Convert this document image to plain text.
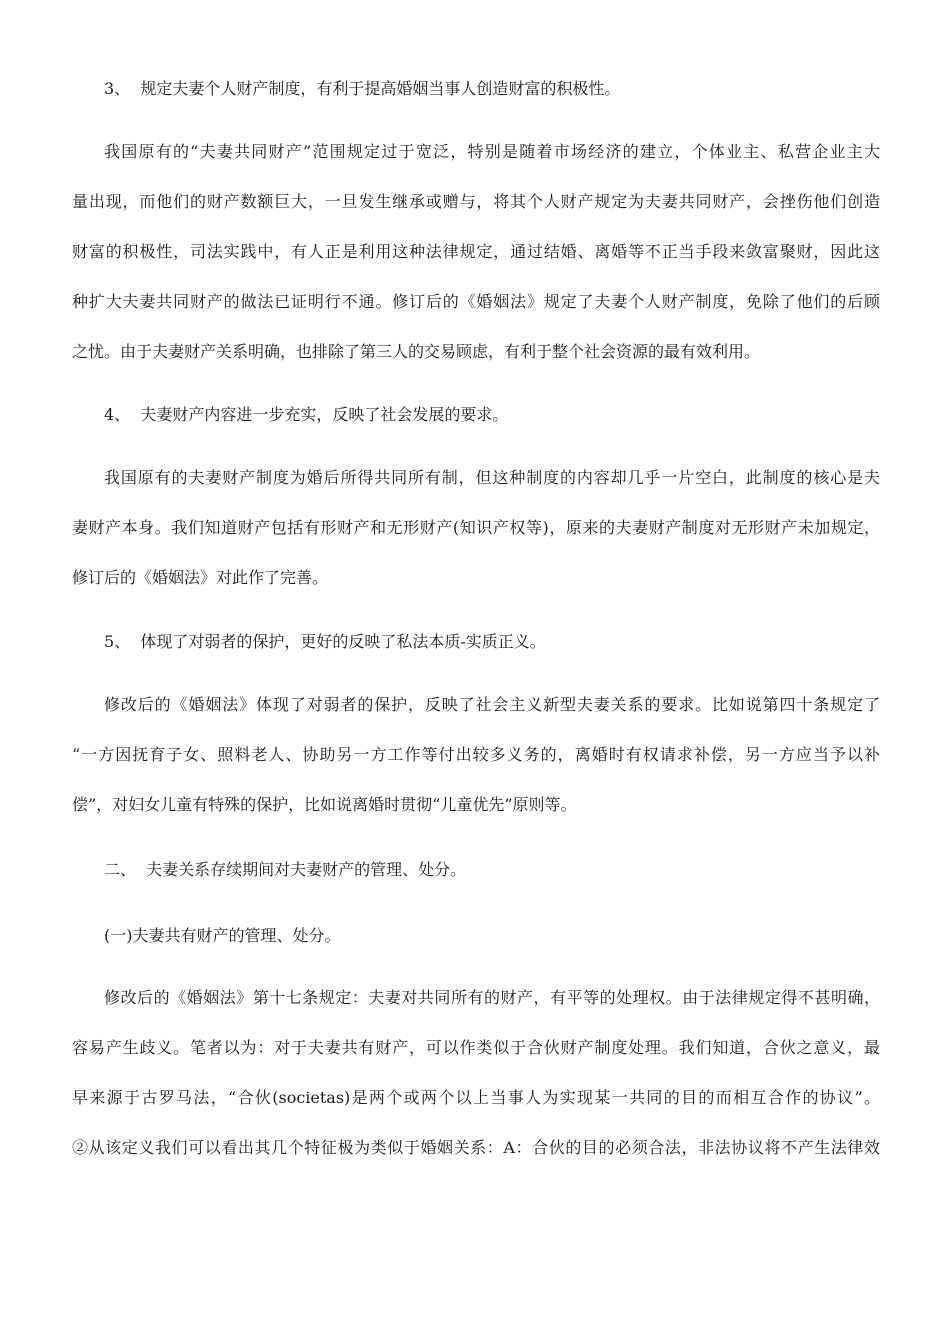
3、  规定夫妻个人财产制度，有利于提高婚姻当事人创造财富的积极性。

我国原有的“夫妻共同财产”范围规定过于宽泛，特别是随着市场经济的建立，个体业主、私营企业主大
量出现，而他们的财产数额巨大，一旦发生继承或赠与，将其个人财产规定为夫妻共同财产，会挫伤他们创造
财富的积极性，司法实践中，有人正是利用这种法律规定，通过结婚、离婚等不正当手段来敛富聚财，因此这
种扩大夫妻共同财产的做法已证明行不通。修订后的《婚姻法》规定了夫妻个人财产制度，免除了他们的后顾
之忧。由于夫妻财产关系明确，也排除了第三人的交易顾虑，有利于整个社会资源的最有效利用。

4、  夫妻财产内容进一步充实，反映了社会发展的要求。

我国原有的夫妻财产制度为婚后所得共同所有制，但这种制度的内容却几乎一片空白，此制度的核心是夫
妻财产本身。我们知道财产包括有形财产和无形财产(知识产权等)，原来的夫妻财产制度对无形财产未加规定，
修订后的《婚姻法》对此作了完善。

5、  体现了对弱者的保护，更好的反映了私法本质-实质正义。

修改后的《婚姻法》体现了对弱者的保护，反映了社会主义新型夫妻关系的要求。比如说第四十条规定了
“一方因抚育子女、照料老人、协助另一方工作等付出较多义务的，离婚时有权请求补偿，另一方应当予以补
偿”，对妇女儿童有特殊的保护，比如说离婚时贯彻“儿童优先”原则等。

二、  夫妻关系存续期间对夫妻财产的管理、处分。

(一)夫妻共有财产的管理、处分。

修改后的《婚姻法》第十七条规定：夫妻对共同所有的财产，有平等的处理权。由于法律规定得不甚明确，
容易产生歧义。笔者以为：对于夫妻共有财产，可以作类似于合伙财产制度处理。我们知道，合伙之意义，最
早来源于古罗马法，“合伙(societas)是两个或两个以上当事人为实现某一共同的目的而相互合作的协议”。
②从该定义我们可以看出其几个特征极为类似于婚姻关系：A：合伙的目的必须合法，非法协议将不产生法律效
